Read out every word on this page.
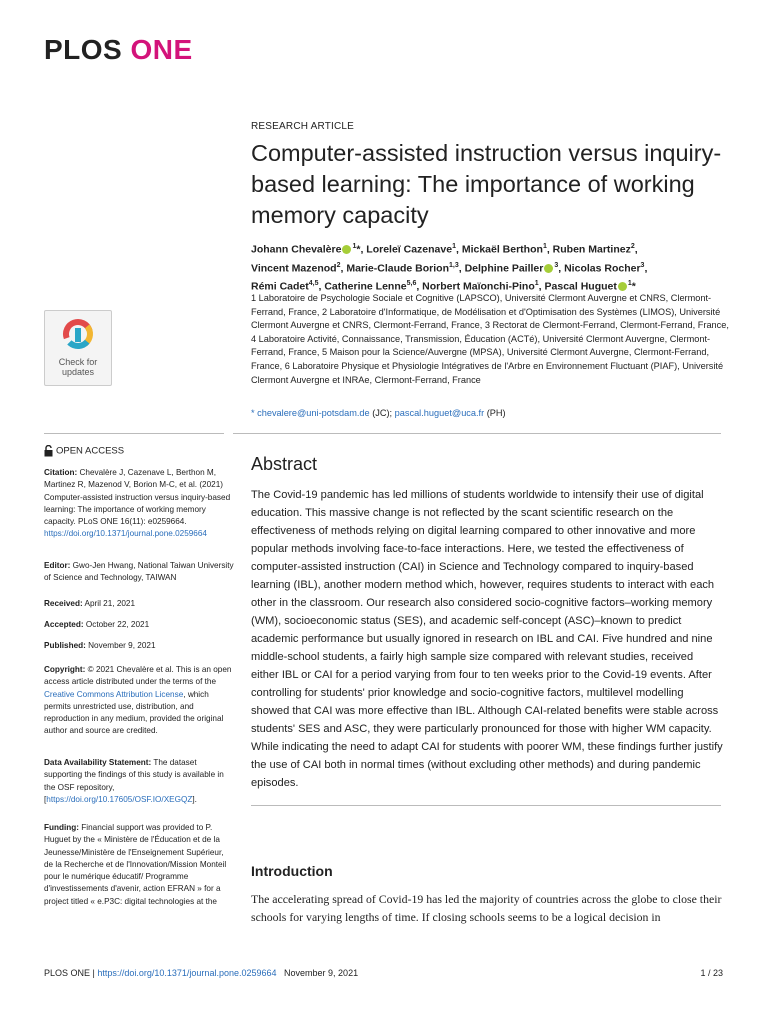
PLOS ONE
RESEARCH ARTICLE
Computer-assisted instruction versus inquiry-based learning: The importance of working memory capacity
Johann Chevalère $^1$*, Loreleï Cazenave$^1$, Mickaël Berthon$^1$, Ruben Martinez$^2$,
Vincent Mazenod$^2$, Marie-Claude Borion$^{1,3}$, Delphine Pailler $^3$, Nicolas Rocher$^3$,
Rémi Cadet$^{4,5}$, Catherine Lenne$^{5,6}$, Norbert Maïonchi-Pino$^1$, Pascal Huguet $^1$*
1 Laboratoire de Psychologie Sociale et Cognitive (LAPSCO), Université Clermont Auvergne et CNRS, Clermont-Ferrand, France, 2 Laboratoire d'Informatique, de Modélisation et d'Optimisation des Systèmes (LIMOS), Université Clermont Auvergne et CNRS, Clermont-Ferrand, France, 3 Rectorat de Clermont-Ferrand, Clermont-Ferrand, France, 4 Laboratoire Activité, Connaissance, Transmission, Éducation (ACTé), Université Clermont Auvergne, Clermont-Ferrand, France, 5 Maison pour la Science/Auvergne (MPSA), Université Clermont Auvergne, Clermont-Ferrand, France, 6 Laboratoire Physique et Physiologie Intégratives de l'Arbre en Environnement Fluctuant (PIAF), Université Clermont Auvergne et INRAe, Clermont-Ferrand, France
* chevalere@uni-potsdam.de (JC); pascal.huguet@uca.fr (PH)
Abstract
The Covid-19 pandemic has led millions of students worldwide to intensify their use of digital education. This massive change is not reflected by the scant scientific research on the effectiveness of methods relying on digital learning compared to other innovative and more popular methods involving face-to-face interactions. Here, we tested the effectiveness of computer-assisted instruction (CAI) in Science and Technology compared to inquiry-based learning (IBL), another modern method which, however, requires students to interact with each other in the classroom. Our research also considered socio-cognitive factors–working memory (WM), socioeconomic status (SES), and academic self-concept (ASC)–known to predict academic performance but usually ignored in research on IBL and CAI. Five hundred and nine middle-school students, a fairly high sample size compared with relevant studies, received either IBL or CAI for a period varying from four to ten weeks prior to the Covid-19 events. After controlling for students' prior knowledge and socio-cognitive factors, multilevel modelling showed that CAI was more effective than IBL. Although CAI-related benefits were stable across students' SES and ASC, they were particularly pronounced for those with higher WM capacity. While indicating the need to adapt CAI for students with poorer WM, these findings further justify the use of CAI both in normal times (without excluding other methods) and during pandemic episodes.
Introduction
The accelerating spread of Covid-19 has led the majority of countries across the globe to close their schools for varying lengths of time. If closing schools seems to be a logical decision in
Check for
updates
OPEN ACCESS
Citation: Chevalère J, Cazenave L, Berthon M, Martinez R, Mazenod V, Borion M-C, et al. (2021) Computer-assisted instruction versus inquiry-based learning: The importance of working memory capacity. PLoS ONE 16(11): e0259664. https://doi.org/10.1371/journal.pone.0259664
Editor: Gwo-Jen Hwang, National Taiwan University of Science and Technology, TAIWAN
Received: April 21, 2021
Accepted: October 22, 2021
Published: November 9, 2021
Copyright: © 2021 Chevalère et al. This is an open access article distributed under the terms of the Creative Commons Attribution License, which permits unrestricted use, distribution, and reproduction in any medium, provided the original author and source are credited.
Data Availability Statement: The dataset supporting the findings of this study is available in the OSF repository, [https://doi.org/10.17605/OSF.IO/XEGQZ].
Funding: Financial support was provided to P. Huguet by the « Ministère de l'Éducation et de la Jeunesse/Ministère de l'Enseignement Supérieur, de la Recherche et de l'Innovation/Mission Monteil pour le numérique éducatif/ Programme d'investissements d'avenir, action EFRAN » for a project titled « e.P3C: digital technologies at the
PLOS ONE | https://doi.org/10.1371/journal.pone.0259664 November 9, 2021	1 / 23
